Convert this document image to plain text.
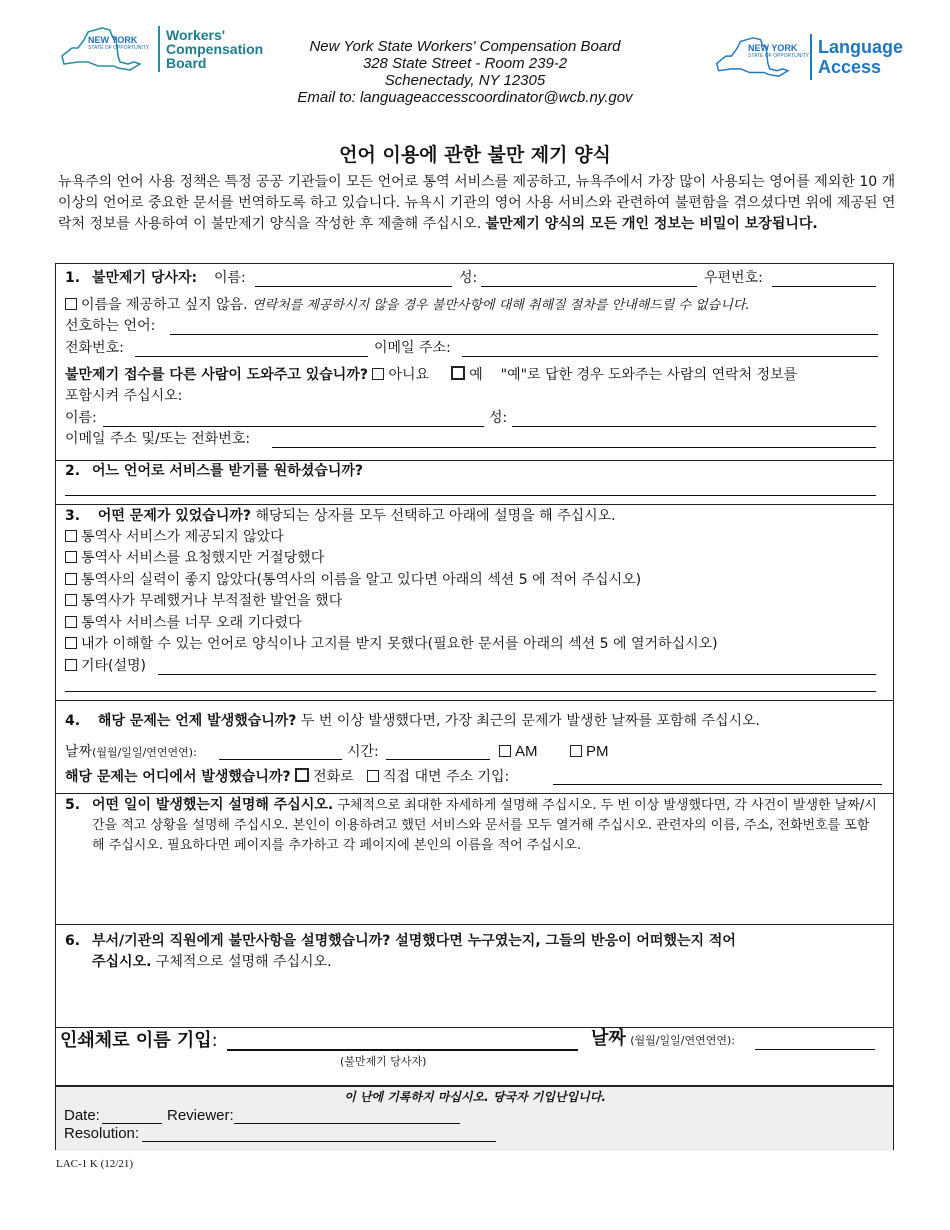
NEW YORK
STATE OF OPPORTUNITY.
Workers'
Compensation
Board
New York State Workers' Compensation Board
328 State Street - Room 239-2
Schenectady, NY 12305
Email to: languageaccesscoordinator@wcb.ny.gov
NEW YORK
STATE OF OPPORTUNITY. Language
Access
언어 이용에 관한 불만 제기 양식
뉴욕주의 언어 사용 정책은 특정 공공 기관들이 모든 언어로 통역 서비스를 제공하고, 뉴욕주에서 가장 많이 사용되는 영어를 제외한 10 개 이상의 언어로 중요한 문서를 번역하도록 하고 있습니다. 뉴욕시 기관의 영어 사용 서비스와 관련하여 불편함을 겪으셨다면 위에 제공된 연락처 정보를 사용하여 이 불만제기 양식을 작성한 후 제출해 주십시오. 불만제기 양식의 모든 개인 정보는 비밀이 보장됩니다.
1. 불만제기 당사자: 이름:	성:	우편번호:
이름을 제공하고 싶지 않음. 연락처를 제공하시지 않을 경우 불만사항에 대해 취해질 절차를 안내해드릴 수 없습니다.
선호하는 언어:
전화번호:	이메일 주소:
불만제기 접수를 다른 사람이 도와주고 있습니까? 아니요	예 "예"로 답한 경우 도와주는 사람의 연락처 정보를
포함시켜 주십시오:
이름:	성:
이메일 주소 및/또는 전화번호:
2. 어느 언어로 서비스를 받기를 원하셨습니까?
3. 어떤 문제가 있었습니까? 해당되는 상자를 모두 선택하고 아래에 설명을 해 주십시오.
통역사 서비스가 제공되지 않았다
통역사 서비스를 요청했지만 거절당했다
통역사의 실력이 좋지 않았다(통역사의 이름을 알고 있다면 아래의 섹션 5 에 적어 주십시오)
통역사가 무례했거나 부적절한 발언을 했다
통역사 서비스를 너무 오래 기다렸다
내가 이해할 수 있는 언어로 양식이나 고지를 받지 못했다(필요한 문서를 아래의 섹션 5 에 열거하십시오)
기타(설명)
4. 해당 문제는 언제 발생했습니까? 두 번 이상 발생했다면, 가장 최근의 문제가 발생한 날짜를 포함해 주십시오.
날짜(월월/일일/연연연연):	시간:	AM	PM
해당 문제는 어디에서 발생했습니까? 전화로 직접 대면 주소 기입:
5. 어떤 일이 발생했는지 설명해 주십시오. 구체적으로 최대한 자세하게 설명해 주십시오. 두 번 이상 발생했다면, 각 사건이 발생한 날짜/시간을 적고 상황을 설명해 주십시오. 본인이 이용하려고 했던 서비스와 문서를 모두 열거해 주십시오. 관련자의 이름, 주소, 전화번호를 포함해 주십시오. 필요하다면 페이지를 추가하고 각 페이지에 본인의 이름을 적어 주십시오.
6. 부서/기관의 직원에게 불만사항을 설명했습니까? 설명했다면 누구였는지, 그들의 반응이 어떠했는지 적어
주십시오. 구체적으로 설명해 주십시오.
인쇄체로 이름 기입:
(불만제기 당사자)
날짜 (월월/일일/연연연연):
이 난에 기록하지 마십시오. 당국자 기입난입니다.
Date:	Reviewer:
Resolution:
LAC-1 K (12/21)
